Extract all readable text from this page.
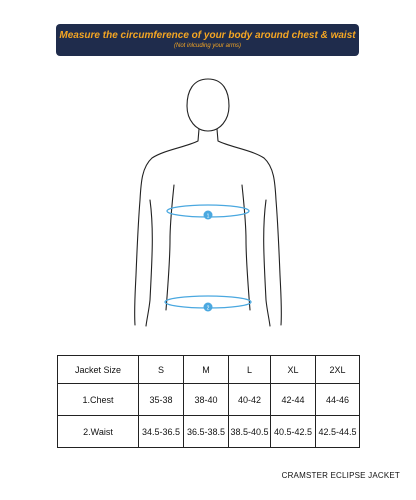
Measure the circumference of your body around chest & waist
(Not inlcuding your arms)
1
2
Jacket Size	S	M	L	XL	2XL
1.Chest	35-38	38-40	40-42	42-44	44-46
2.Waist	34.5-36.5	36.5-38.5	38.5-40.5	40.5-42.5	42.5-44.5
CRAMSTER ECLIPSE JACKET
